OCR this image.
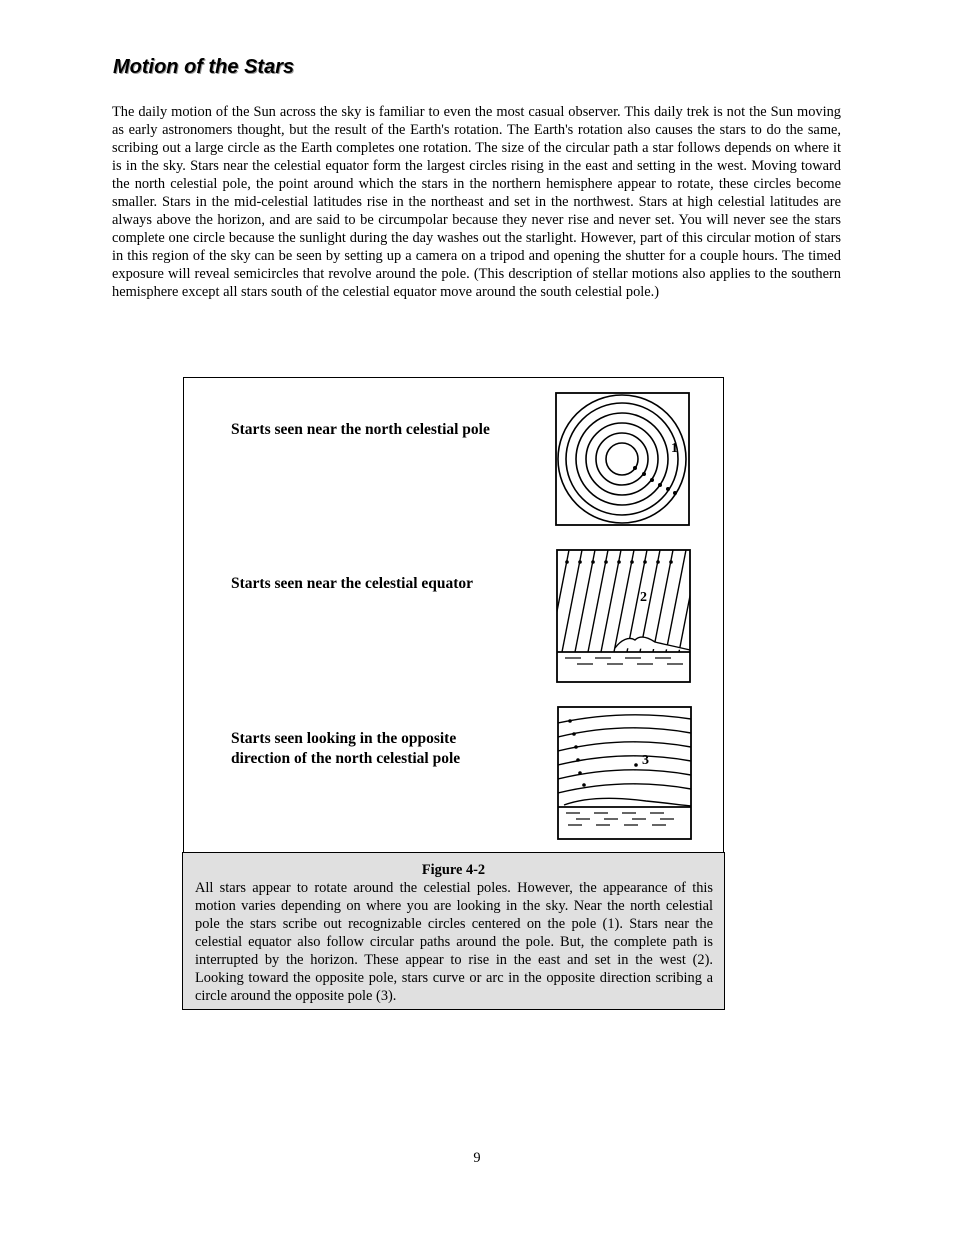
Motion of the Stars

The daily motion of the Sun across the sky is familiar to even the most casual observer. This daily trek is not the Sun moving as early astronomers thought, but the result of the Earth's rotation. The Earth's rotation also causes the stars to do the same, scribing out a large circle as the Earth completes one rotation. The size of the circular path a star follows depends on where it is in the sky. Stars near the celestial equator form the largest circles rising in the east and setting in the west. Moving toward the north celestial pole, the point around which the stars in the northern hemisphere appear to rotate, these circles become smaller. Stars in the mid-celestial latitudes rise in the northeast and set in the northwest. Stars at high celestial latitudes are always above the horizon, and are said to be circumpolar because they never rise and never set. You will never see the stars complete one circle because the sunlight during the day washes out the starlight. However, part of this circular motion of stars in this region of the sky can be seen by setting up a camera on a tripod and opening the shutter for a couple hours. The timed exposure will reveal semicircles that revolve around the pole. (This description of stellar motions also applies to the southern hemisphere except all stars south of the celestial equator move around the south celestial pole.)

Starts seen near the north celestial pole

Starts seen near the celestial equator

Starts seen looking in the opposite direction of the north celestial pole

1
2
3
Figure 4-2

All stars appear to rotate around the celestial poles. However, the appearance of this motion varies depending on where you are looking in the sky. Near the north celestial pole the stars scribe out recognizable circles centered on the pole (1). Stars near the celestial equator also follow circular paths around the pole. But, the complete path is interrupted by the horizon. These appear to rise in the east and set in the west (2). Looking toward the opposite pole, stars curve or arc in the opposite direction scribing a circle around the opposite pole (3).

9
